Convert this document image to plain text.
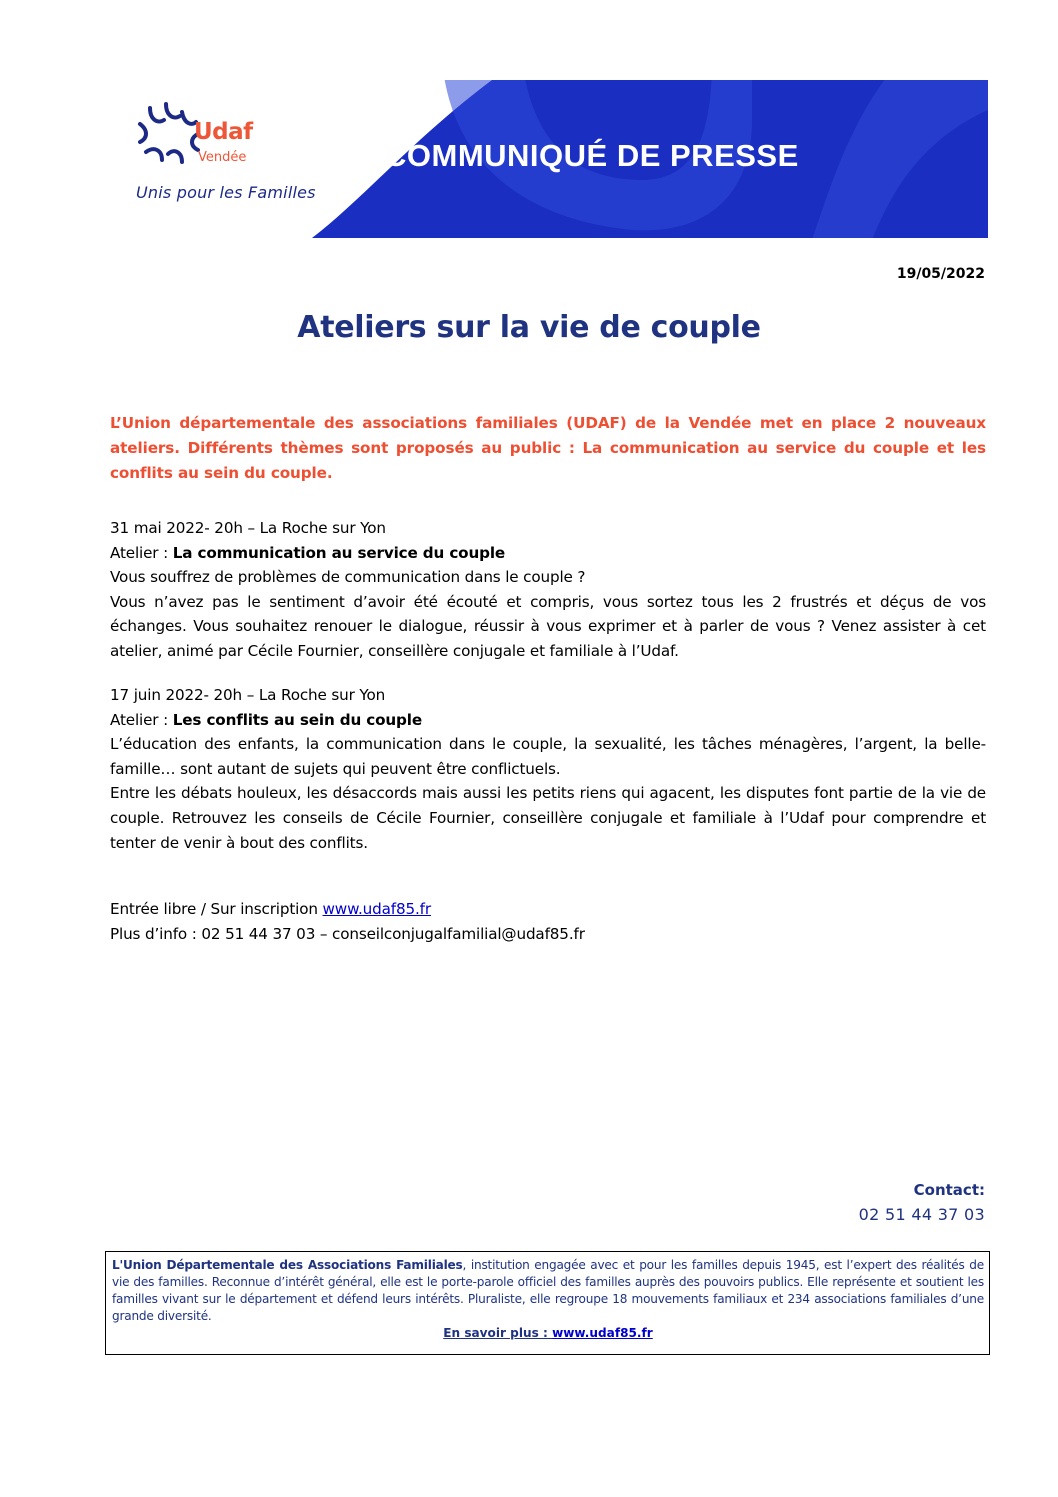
Udaf
Vendée
Unis pour les Familles
COMMUNIQUÉ DE PRESSE
19/05/2022
Ateliers sur la vie de couple

L’Union départementale des associations familiales (UDAF) de la Vendée met en place 2 nouveaux ateliers. Différents thèmes sont proposés au public : La communication au service du couple et les conflits au sein du couple.

31 mai 2022- 20h – La Roche sur Yon

Atelier : La communication au service du couple

Vous souffrez de problèmes de communication dans le couple ?

Vous n’avez pas le sentiment d’avoir été écouté et compris, vous sortez tous les 2 frustrés et déçus de vos échanges. Vous souhaitez renouer le dialogue, réussir à vous exprimer et à parler de vous ? Venez assister à cet atelier, animé par Cécile Fournier, conseillère conjugale et familiale à l’Udaf.

17 juin 2022- 20h – La Roche sur Yon

Atelier : Les conflits au sein du couple

L’éducation des enfants, la communication dans le couple, la sexualité, les tâches ménagères, l’argent, la belle-famille… sont autant de sujets qui peuvent être conflictuels.

Entre les débats houleux, les désaccords mais aussi les petits riens qui agacent, les disputes font partie de la vie de couple. Retrouvez les conseils de Cécile Fournier, conseillère conjugale et familiale à l’Udaf pour comprendre et tenter de venir à bout des conflits.

Entrée libre / Sur inscription www.udaf85.fr

Plus d’info : 02 51 44 37 03 – conseilconjugalfamilial@udaf85.fr

Contact:
02 51 44 37 03

L'Union Départementale des Associations Familiales, institution engagée avec et pour les familles depuis 1945, est l’expert des réalités de vie des familles. Reconnue d’intérêt général, elle est le porte-parole officiel des familles auprès des pouvoirs publics. Elle représente et soutient les familles vivant sur le département et défend leurs intérêts. Pluraliste, elle regroupe 18 mouvements familiaux et 234 associations familiales d’une grande diversité.

En savoir plus : www.udaf85.fr
